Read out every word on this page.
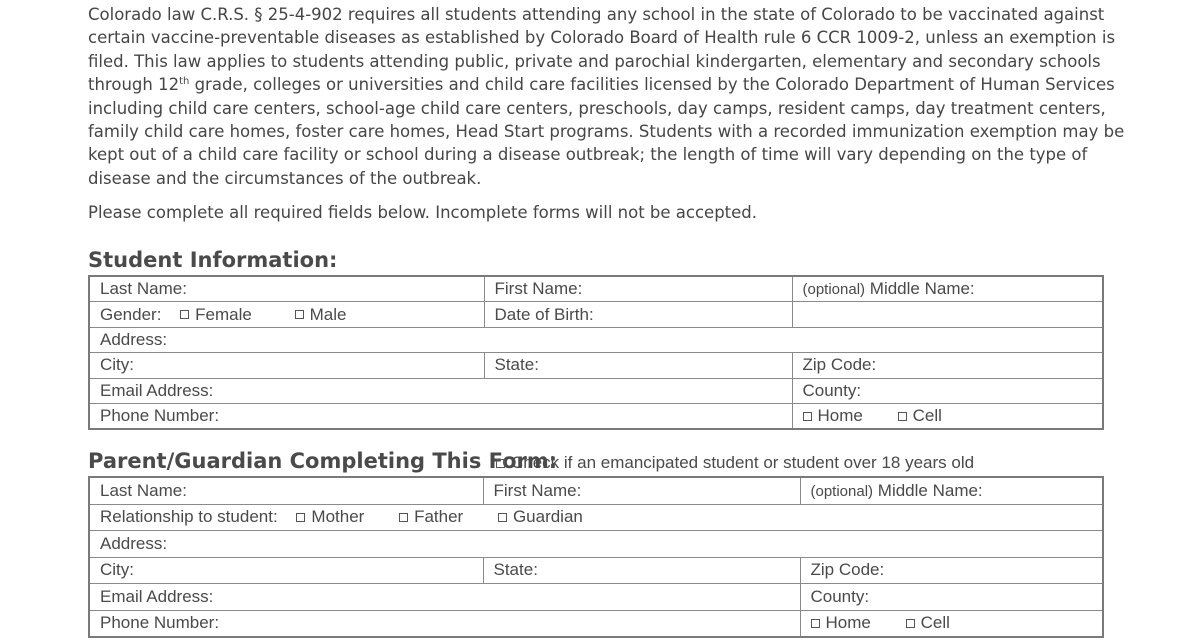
Colorado law C.R.S. § 25-4-902 requires all students attending any school in the state of Colorado to be vaccinated against certain vaccine-preventable diseases as established by Colorado Board of Health rule 6 CCR 1009-2, unless an exemption is filed. This law applies to students attending public, private and parochial kindergarten, elementary and secondary schools through 12th grade, colleges or universities and child care facilities licensed by the Colorado Department of Human Services including child care centers, school-age child care centers, preschools, day camps, resident camps, day treatment centers, family child care homes, foster care homes, Head Start programs. Students with a recorded immunization exemption may be kept out of a child care facility or school during a disease outbreak; the length of time will vary depending on the type of disease and the circumstances of the outbreak.

Please complete all required fields below. Incomplete forms will not be accepted.

Student Information:
Last Name:	First Name:	(optional) Middle Name:
Gender: Female Male	Date of Birth:	
Address:		
City:	State:	Zip Code:
Email Address:		County:
Phone Number:		Home Cell
Parent/Guardian Completing This Form:
Check if an emancipated student or student over 18 years old
Last Name:	First Name:	(optional) Middle Name:
Relationship to student: Mother Father Guardian		
Address:		
City:	State:	Zip Code:
Email Address:		County:
Phone Number:		Home Cell
